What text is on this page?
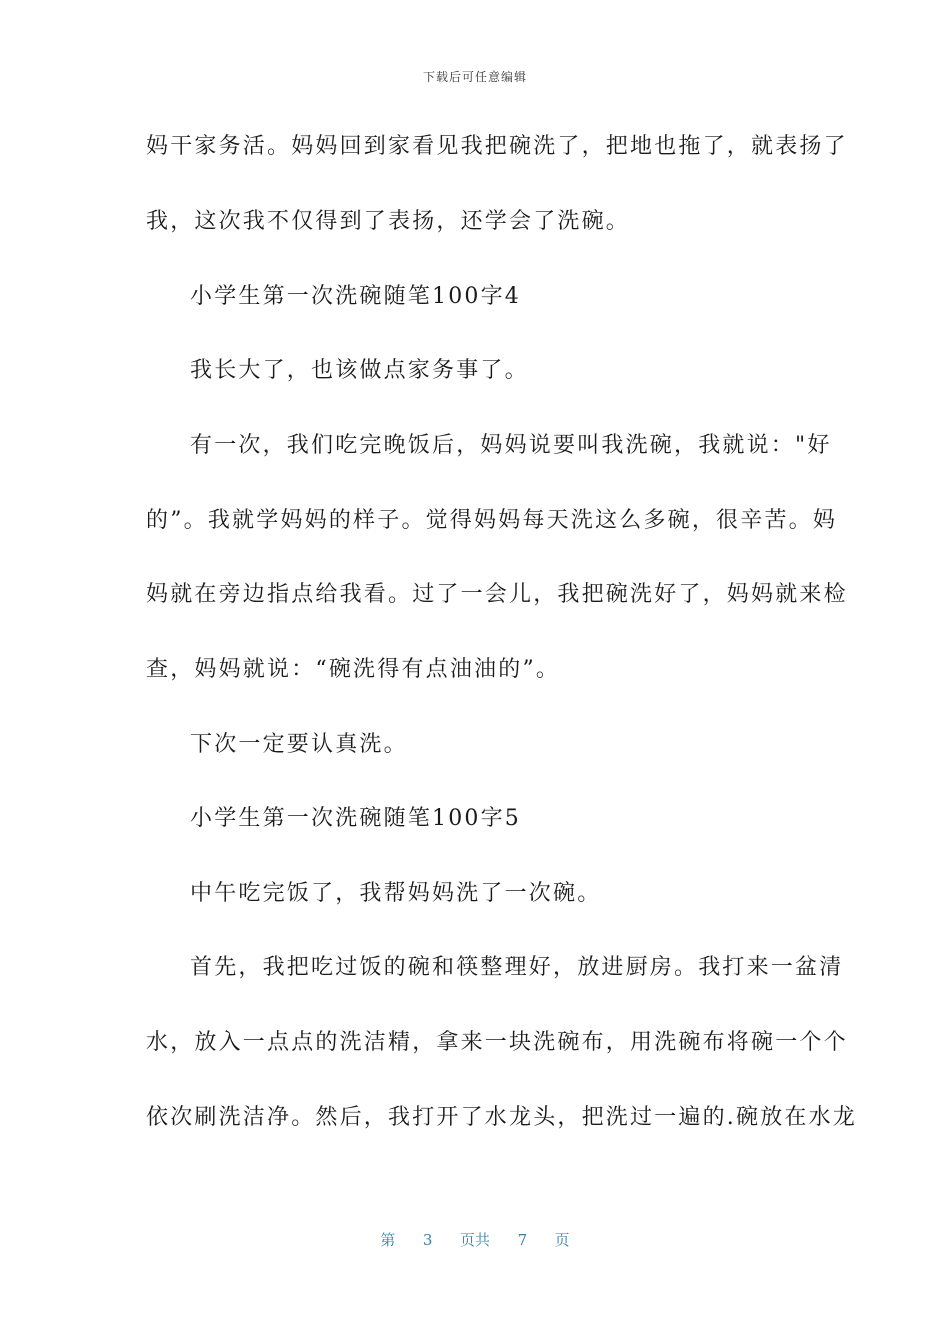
下载后可任意编辑
妈干家务活。妈妈回到家看见我把碗洗了，把地也拖了，就表扬了
我，这次我不仅得到了表扬，还学会了洗碗。
小学生第一次洗碗随笔100字4
我长大了，也该做点家务事了。
有一次，我们吃完晚饭后，妈妈说要叫我洗碗，我就说："好
的”。我就学妈妈的样子。觉得妈妈每天洗这么多碗，很辛苦。妈
妈就在旁边指点给我看。过了一会儿，我把碗洗好了，妈妈就来检
查，妈妈就说：“碗洗得有点油油的”。
下次一定要认真洗。
小学生第一次洗碗随笔100字5
中午吃完饭了，我帮妈妈洗了一次碗。
首先，我把吃过饭的碗和筷整理好，放进厨房。我打来一盆清
水，放入一点点的洗洁精，拿来一块洗碗布，用洗碗布将碗一个个
依次刷洗洁净。然后，我打开了水龙头，把洗过一遍的.碗放在水龙
第 3 页共 7 页
